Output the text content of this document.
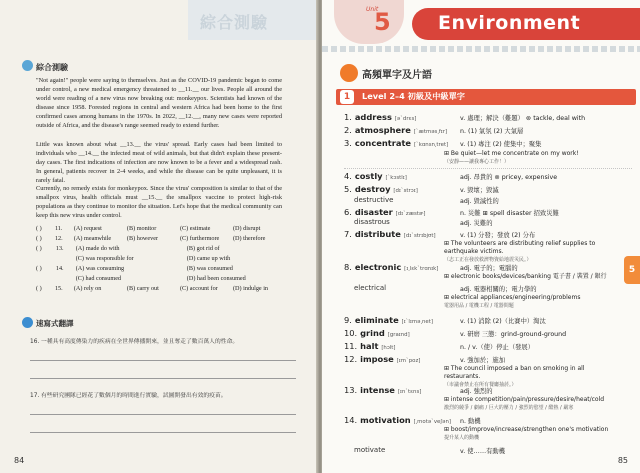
綜合測驗
綜合測驗
"Not again!" people were saying to themselves. Just as the COVID-19 pandemic began to come under control, a new medical emergency threatened to __11.__ our lives. People all around the world were reading of a new virus now breaking out: monkeypox. Scientists had known of the disease since 1958. Forested regions in central and western Africa had been home to the first confirmed cases among humans in the 1970s. In 2022, __12.__, many new cases were reported outside of Africa, and the disease's range seemed ready to extend further.
Little was known about what __13.__ the virus' spread. Early cases had been limited to individuals who __14.__ the infected meat of wild animals, but that didn't explain these present-day cases. The first indications of infection are now known to be a fever and a widespread rash. In general, patients recover in 2-4 weeks, and while the disease can be quite unpleasant, it is rarely fatal.
Currently, no remedy exists for monkeypox. Since the virus' composition is similar to that of the smallpox virus, health officials must __15.__ the smallpox vaccine to protect high-risk populations as they continue to monitor the situation. Let's hope that the medical community can keep this new virus under control.
( )	11.	(A) request	(B) monitor	(C) estimate	(D) disrupt
( )	12.	(A) meanwhile	(B) however	(C) furthermore	(D) therefore
( )	13.	(A) made do with	(B) got rid of
(C) was responsible for	(D) came up with
( )	14.	(A) was consuming	(B) was consumed
(C) had consumed	(D) had been consumed
( )	15.	(A) rely on	(B) carry out	(C) account for	(D) indulge in
速寫式翻譯
16. 一種具有高度傳染力的疾病在全世界傳播開來，並且奪走了數百萬人的性命。
17. 有些研究團隊已經花了數個月的時間進行實驗，試圖開發出有效的疫苗。
84
Unit
5 Environment
高頻單字及片語
1	Level 2–4 初級及中級單字
5
1. address [əˋdrɛs]	v. 處理；解決（難題） ⊜ tackle, deal with
2. atmosphere [ˋætməs͵fɪr] n. (1) 氣氛 (2) 大氣層
3. concentrate [ˋkɑnsn͵tret] v. (1) 專注 (2) 使集中；聚集
⊞ Be quiet—let me concentrate on my work!
（安靜——讓我專心工作！）
4. costly [ˋkɔstlɪ]	adj. 昂貴的 ⊜ pricey, expensive
5. destroy [dɪˋstrɔɪ]	v. 毀壞；毀滅
destructive	adj. 毀滅性的
6. disaster [dɪˋzæstɚ]	n. 災難 ⊞ spell disaster 招致災難
disastrous	adj. 災難的
7. distribute [dɪˋstrɪbjʊt]	v. (1) 分發；發放 (2) 分布
⊞ The volunteers are distributing relief supplies to earthquake victims.
（志工正在發放救濟物資給地震災民。）
8. electronic [ɪ͵lɛkˋtrɑnɪk]	adj. 電子的；電腦的
⊞ electronic books/devices/banking 電子書 / 裝置 / 銀行
electrical	adj. 電器相關的；電力學的
⊞ electrical appliances/engineering/problems
電器用品 / 電機工程 / 電器問題
9. eliminate [ɪˋlɪmə͵net]	v. (1) 消除 (2)（比賽中）淘汰
10. grind [graɪnd]	v. 研磨 三態：grind-ground-ground
11. halt [hɔlt]	n. / v.（使）停止（發展）
12. impose [ɪmˋpoz]	v. 強加於；施加
⊞ The council imposed a ban on smoking in all restaurants.
（市議會禁止在所有餐廳抽菸。）
13. intense [ɪnˋtɛns]	adj. 強烈的
⊞ intense competition/pain/pressure/desire/heat/cold
激烈的競爭 / 劇痛 / 巨大的壓力 / 強烈的慾望 / 酷熱 / 嚴寒
14. motivation [͵motəˋveʃən] n. 動機
⊞ boost/improve/increase/strengthen one's motivation
提升某人的動機
motivate	v. 使……有動機
85
